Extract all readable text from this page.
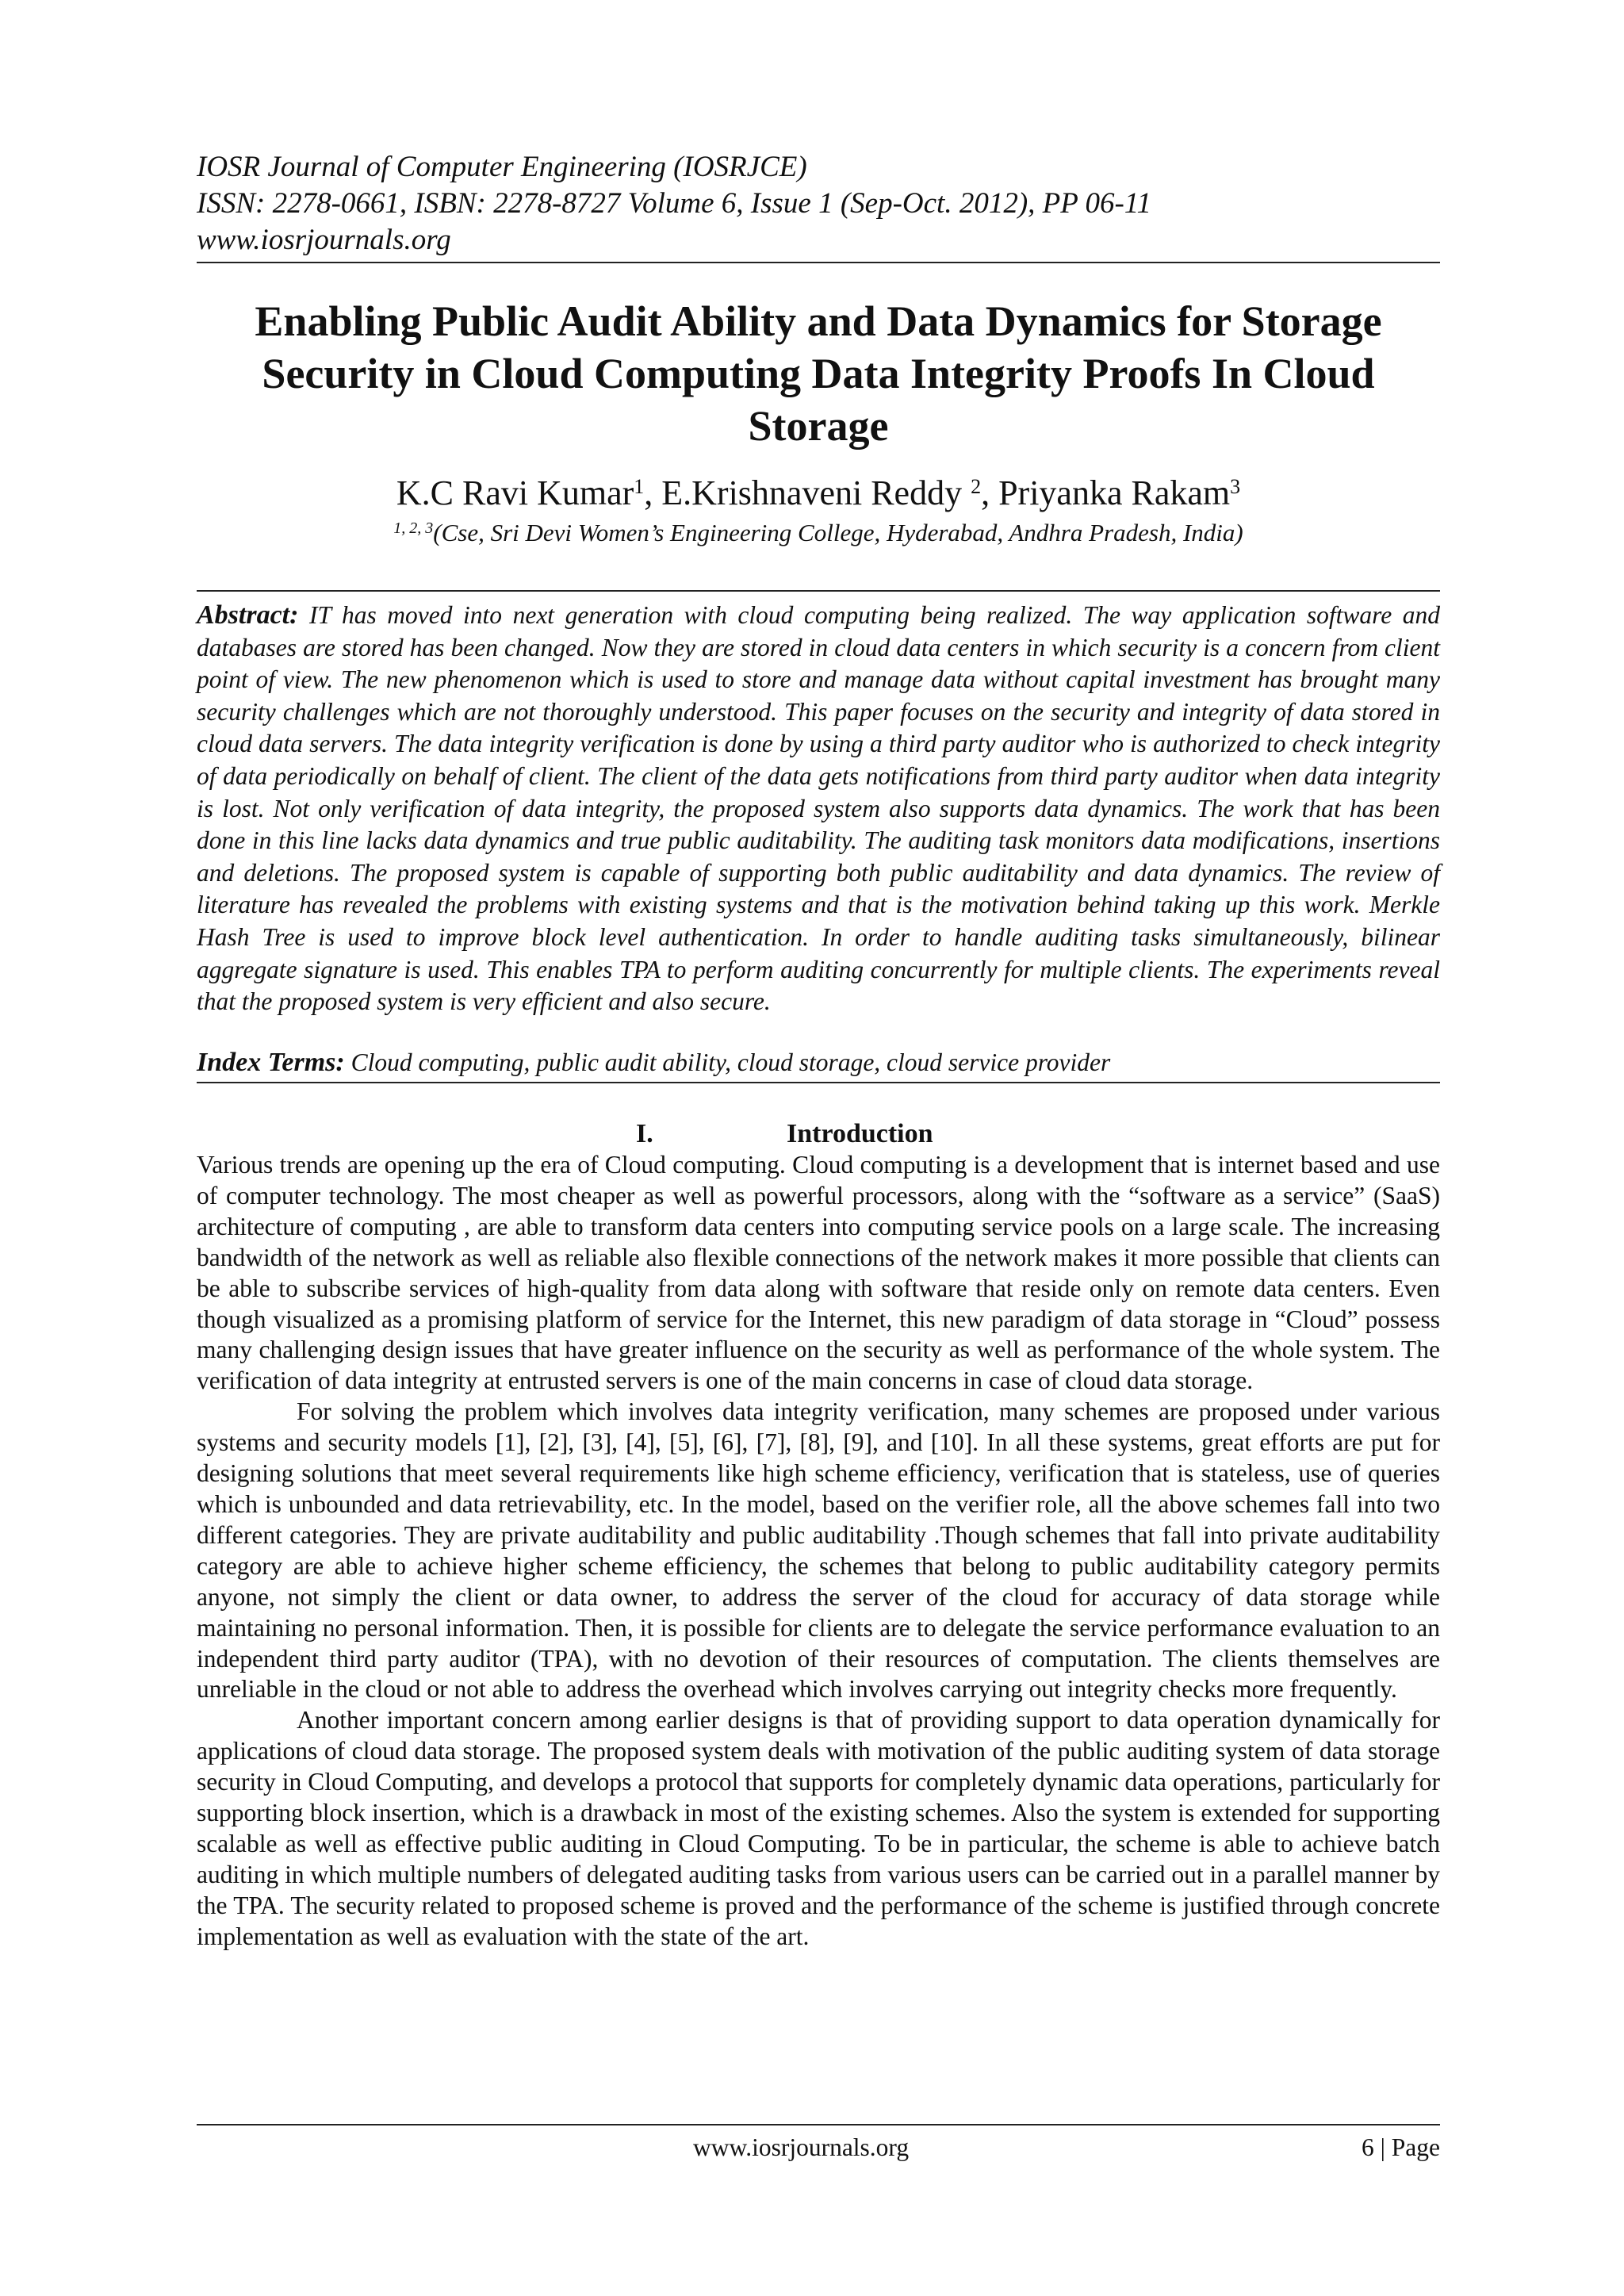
IOSR Journal of Computer Engineering (IOSRJCE)
ISSN: 2278-0661, ISBN: 2278-8727 Volume 6, Issue 1 (Sep-Oct. 2012), PP 06-11
www.iosrjournals.org
Enabling Public Audit Ability and Data Dynamics for Storage
Security in Cloud Computing Data Integrity Proofs In Cloud
Storage
K.C Ravi Kumar$^1$, E.Krishnaveni Reddy $^2$, Priyanka Rakam$^3$
$^{1, 2, 3}$(Cse, Sri Devi Women’s Engineering College, Hyderabad, Andhra Pradesh, India)
Abstract: IT has moved into next generation with cloud computing being realized. The way application software and databases are stored has been changed. Now they are stored in cloud data centers in which security is a concern from client point of view. The new phenomenon which is used to store and manage data without capital investment has brought many security challenges which are not thoroughly understood. This paper focuses on the security and integrity of data stored in cloud data servers. The data integrity verification is done by using a third party auditor who is authorized to check integrity of data periodically on behalf of client. The client of the data gets notifications from third party auditor when data integrity is lost. Not only verification of data integrity, the proposed system also supports data dynamics. The work that has been done in this line lacks data dynamics and true public auditability. The auditing task monitors data modifications, insertions and deletions. The proposed system is capable of supporting both public auditability and data dynamics. The review of literature has revealed the problems with existing systems and that is the motivation behind taking up this work. Merkle Hash Tree is used to improve block level authentication. In order to handle auditing tasks simultaneously, bilinear aggregate signature is used. This enables TPA to perform auditing concurrently for multiple clients. The experiments reveal that the proposed system is very efficient and also secure.
Index Terms: Cloud computing, public audit ability, cloud storage, cloud service provider
I.	Introduction

Various trends are opening up the era of Cloud computing. Cloud computing is a development that is internet based and use of computer technology. The most cheaper as well as powerful processors, along with the “software as a service” (SaaS) architecture of computing , are able to transform data centers into computing service pools on a large scale. The increasing bandwidth of the network as well as reliable also flexible connections of the network makes it more possible that clients can be able to subscribe services of high-quality from data along with software that reside only on remote data centers. Even though visualized as a promising platform of service for the Internet, this new paradigm of data storage in “Cloud” possess many challenging design issues that have greater influence on the security as well as performance of the whole system. The verification of data integrity at entrusted servers is one of the main concerns in case of cloud data storage.

For solving the problem which involves data integrity verification, many schemes are proposed under various systems and security models [1], [2], [3], [4], [5], [6], [7], [8], [9], and [10]. In all these systems, great efforts are put for designing solutions that meet several requirements like high scheme efficiency, verification that is stateless, use of queries which is unbounded and data retrievability, etc. In the model, based on the verifier role, all the above schemes fall into two different categories. They are private auditability and public auditability .Though schemes that fall into private auditability category are able to achieve higher scheme efficiency, the schemes that belong to public auditability category permits anyone, not simply the client or data owner, to address the server of the cloud for accuracy of data storage while maintaining no personal information. Then, it is possible for clients are to delegate the service performance evaluation to an independent third party auditor (TPA), with no devotion of their resources of computation. The clients themselves are unreliable in the cloud or not able to address the overhead which involves carrying out integrity checks more frequently.

Another important concern among earlier designs is that of providing support to data operation dynamically for applications of cloud data storage. The proposed system deals with motivation of the public auditing system of data storage security in Cloud Computing, and develops a protocol that supports for completely dynamic data operations, particularly for supporting block insertion, which is a drawback in most of the existing schemes. Also the system is extended for supporting scalable as well as effective public auditing in Cloud Computing. To be in particular, the scheme is able to achieve batch auditing in which multiple numbers of delegated auditing tasks from various users can be carried out in a parallel manner by the TPA. The security related to proposed scheme is proved and the performance of the scheme is justified through concrete implementation as well as evaluation with the state of the art.

www.iosrjournals.org	6 | Page
